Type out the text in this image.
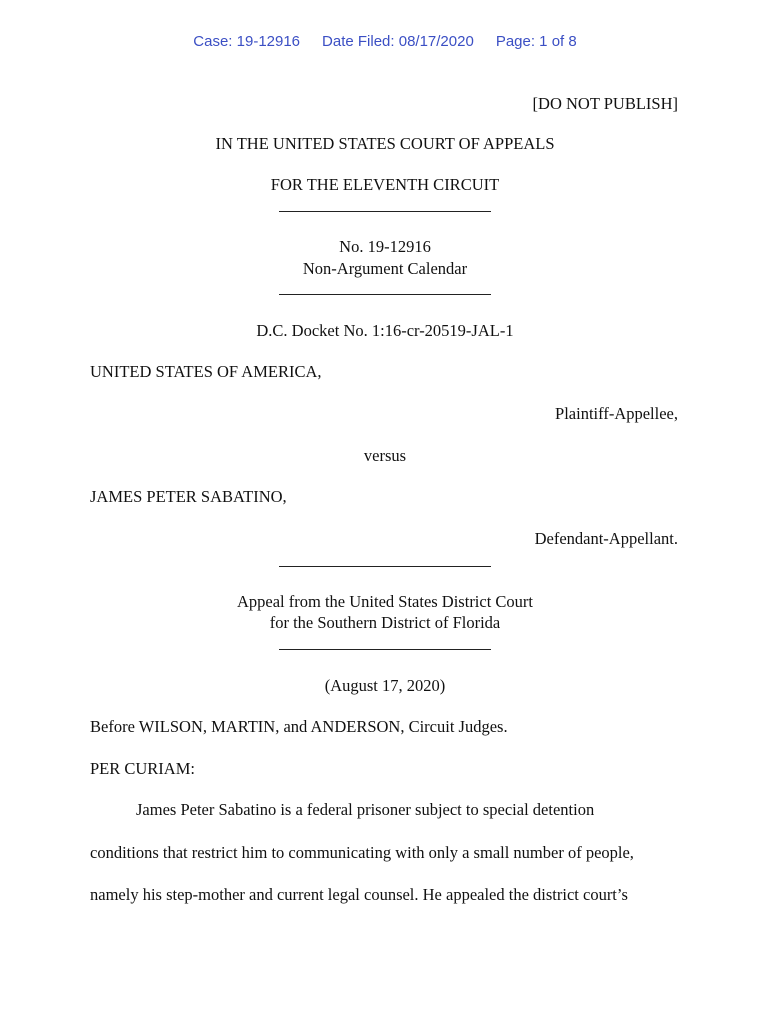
Case: 19-12916 Date Filed: 08/17/2020 Page: 1 of 8
[DO NOT PUBLISH]
IN THE UNITED STATES COURT OF APPEALS
FOR THE ELEVENTH CIRCUIT
No. 19-12916
Non-Argument Calendar
D.C. Docket No. 1:16-cr-20519-JAL-1
UNITED STATES OF AMERICA,
Plaintiff-Appellee,
versus
JAMES PETER SABATINO,
Defendant-Appellant.
Appeal from the United States District Court
for the Southern District of Florida
(August 17, 2020)
Before WILSON, MARTIN, and ANDERSON, Circuit Judges.
PER CURIAM:
James Peter Sabatino is a federal prisoner subject to special detention
conditions that restrict him to communicating with only a small number of people,
namely his step-mother and current legal counsel. He appealed the district court’s
